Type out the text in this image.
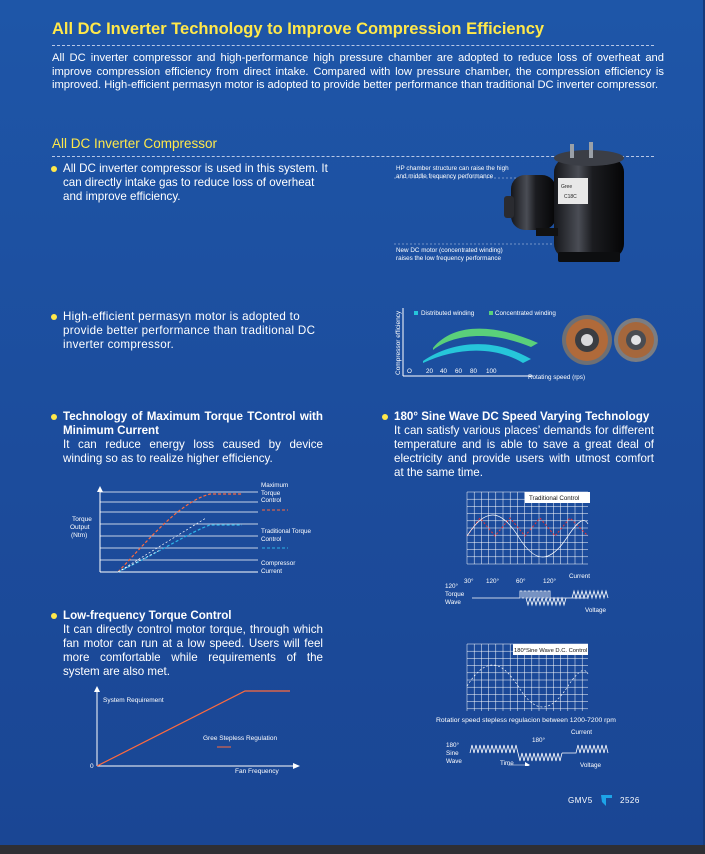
All DC Inverter Technology to Improve Compression Efficiency
All DC inverter compressor and high-performance high pressure chamber are adopted to reduce loss of overheat and improve compression efficiency from direct intake. Compared with low pressure chamber, the compression efficiency is improved. High-efficient permasyn motor is adopted to provide better performance than traditional DC inverter compressor.
All DC Inverter Compressor
All DC inverter compressor is used in this system. It can directly intake gas to reduce loss of overheat and improve efficiency.
Gree
C18C
HP chamber structure can raise the high and middle frequency performance
New DC motor (concentrated winding) raises the low frequency performance
High-efficient permasyn motor is adopted to provide better performance than traditional DC inverter compressor.	Compressor efficiency	Distributed winding	Concentrated winding
O 20 40 60 80 100
Rotating speed (rps)
Technology of Maximum Torque TControl with Minimum Current
It can reduce energy loss caused by device winding so as to realize higher efficiency.
180° Sine Wave DC Speed Varying Technology
It can satisfy various places’ demands for different temperature and is able to save a great deal of electricity and provide users with utmost comfort at the same time.
Torque
Output
(Ntm)
Maximum Torque Control
Traditional Torque Control
Compressor Current
Traditional Control
30° 120°	60°	120°
Current
120°
Torque
Wave
Voltage
Low-frequency Torque Control
It can directly control motor torque, through which fan motor can run at a low speed. Users will feel more comfortable while requirements of the system are also met.
180°Sine Wave D.C. Control
Rotatior speed stepless regulacion between 1200-7200 rpm
Current
180°
180°
Sine
Wave	Time	Voltage
System Requirement
0
Fan Frequency
Gree Stepless Regulation
GMV5	2526
